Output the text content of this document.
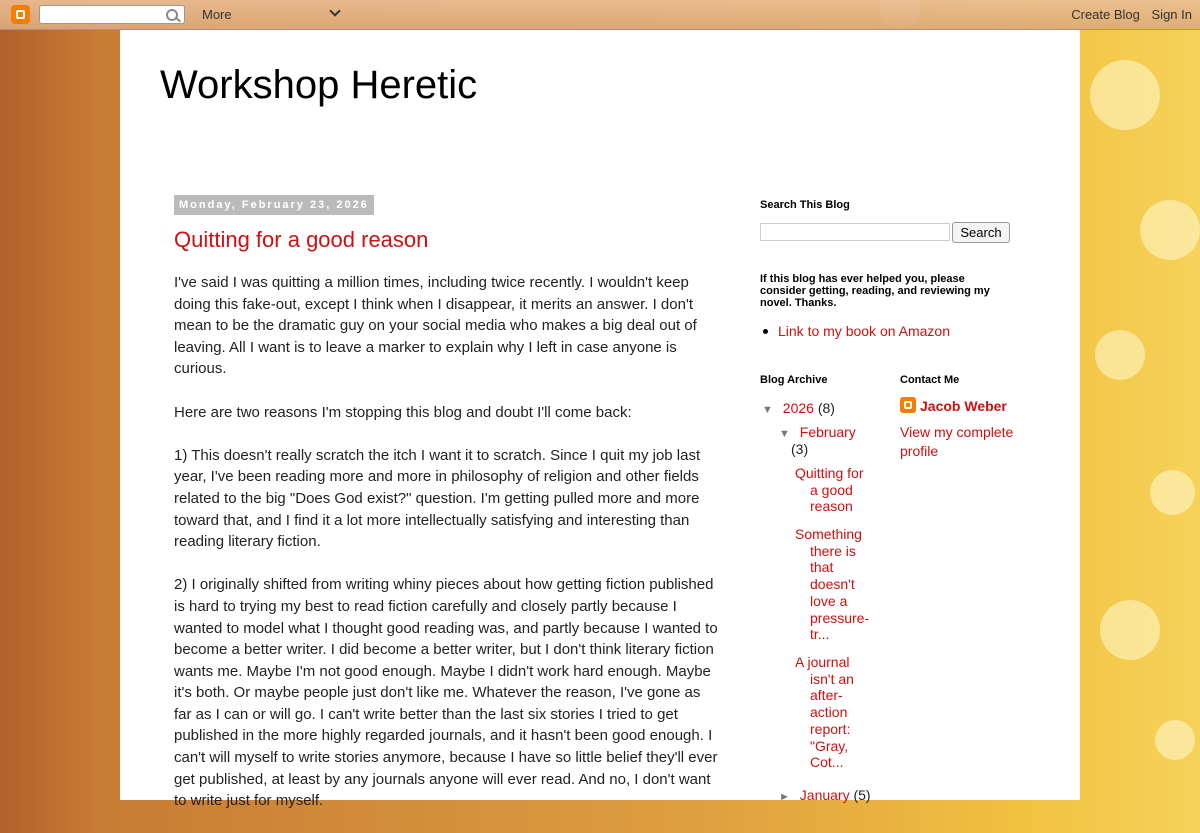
More	Create Blog Sign In
Workshop Heretic
Monday, February 23, 2026
Quitting for a good reason

I've said I was quitting a million times, including twice recently. I wouldn't keep doing this fake-out, except I think when I disappear, it merits an answer. I don't mean to be the dramatic guy on your social media who makes a big deal out of leaving. All I want is to leave a marker to explain why I left in case anyone is curious.

Here are two reasons I'm stopping this blog and doubt I'll come back:

1) This doesn't really scratch the itch I want it to scratch. Since I quit my job last year, I've been reading more and more in philosophy of religion and other fields related to the big "Does God exist?" question. I'm getting pulled more and more toward that, and I find it a lot more intellectually satisfying and interesting than reading literary fiction.

2) I originally shifted from writing whiny pieces about how getting fiction published is hard to trying my best to read fiction carefully and closely partly because I wanted to model what I thought good reading was, and partly because I wanted to become a better writer. I did become a better writer, but I don't think literary fiction wants me. Maybe I'm not good enough. Maybe I didn't work hard enough. Maybe it's both. Or maybe people just don't like me. Whatever the reason, I've gone as far as I can or will go. I can't write better than the last six stories I tried to get published in the more highly regarded journals, and it hasn't been good enough. I can't will myself to write stories anymore, because I have so little belief they'll ever get published, at least by any journals anyone will ever read. And no, I don't want to write just for myself.

Search This Blog
Search
If this blog has ever helped you, please consider getting, reading, and reviewing my novel. Thanks.
Link to my book on Amazon
Blog Archive
▼ 2026 (8)
▼ February
(3)
Quitting for a good reason
Something there is that doesn't love a pressure-tr...
A journal isn't an after-action report: "Gray, Cot...
► January (5)
Contact Me
Jacob Weber
View my complete profile
